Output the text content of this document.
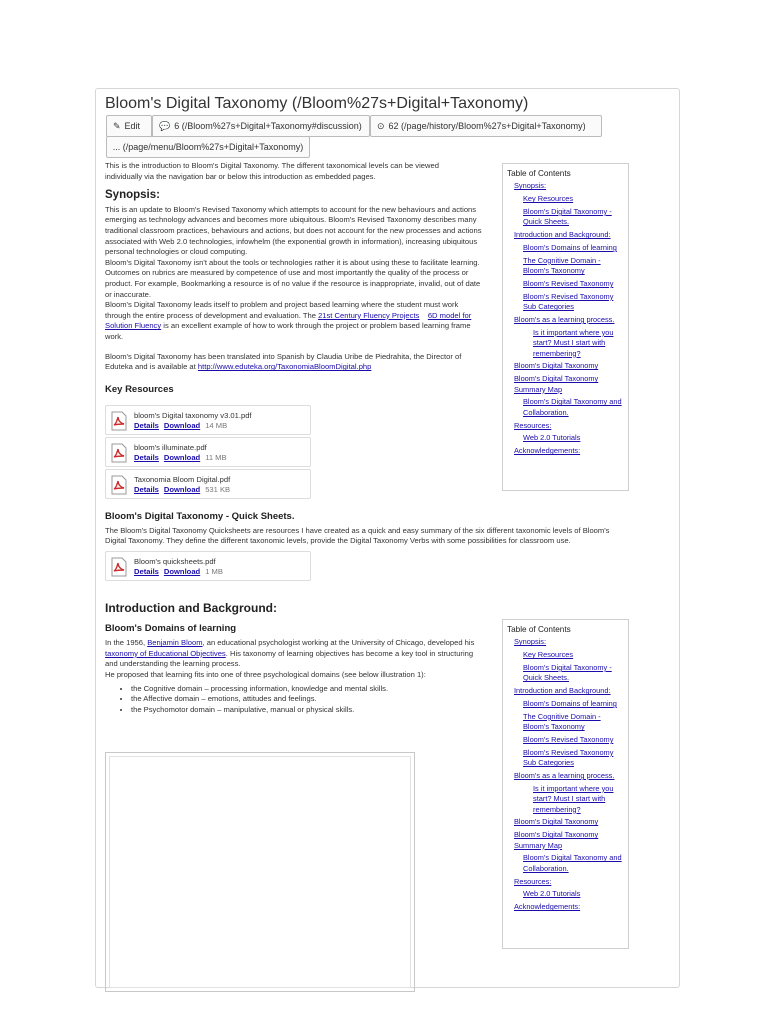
Bloom's Digital Taxonomy (/Bloom%27s+Digital+Taxonomy)
✎ Edit 💬 6 (/Bloom%27s+Digital+Taxonomy#discussion) ⊙ 62 (/page/history/Bloom%27s+Digital+Taxonomy)
... (/page/menu/Bloom%27s+Digital+Taxonomy)

This is the introduction to Bloom's Digital Taxonomy. The different taxonomical levels can be viewed individually via the navigation bar or below this introduction as embedded pages.

Synopsis:

This is an update to Bloom's Revised Taxonomy which attempts to account for the new behaviours and actions emerging as technology advances and becomes more ubiquitous. Bloom's Revised Taxonomy describes many traditional classroom practices, behaviours and actions, but does not account for the new processes and actions associated with Web 2.0 technologies, infowhelm (the exponential growth in information), increasing ubiquitous personal technologies or cloud computing.

Bloom's Digital Taxonomy isn't about the tools or technologies rather it is about using these to facilitate learning. Outcomes on rubrics are measured by competence of use and most importantly the quality of the process or product. For example, Bookmarking a resource is of no value if the resource is inappropriate, invalid, out of date or inaccurate.

Bloom's Digital Taxonomy leads itself to problem and project based learning where the student must work through the entire process of development and evaluation. The 21st Century Fluency Projects 6D model for Solution Fluency is an excellent example of how to work through the project or problem based learning frame work.

Bloom's Digital Taxonomy has been translated into Spanish by Claudia Uribe de Piedrahita, the Director of Eduteka and is available at http://www.eduteka.org/TaxonomiaBloomDigital.php

Key Resources
bloom's Digital taxonomy v3.01.pdf
Details Download 14 MB
bloom's illuminate.pdf
Details Download 11 MB
Taxonomia Bloom Digital.pdf
Details Download 531 KB
Bloom's Digital Taxonomy - Quick Sheets.

The Bloom's Digital Taxonomy Quicksheets are resources I have created as a quick and easy summary of the six different taxonomic levels of Bloom's Digital Taxonomy. They define the different taxonomic levels, provide the Digital Taxonomy Verbs with some possibilities for classroom use.

Bloom's quicksheets.pdf
Details Download 1 MB
Introduction and Background:
Bloom's Domains of learning

In the 1956, Benjamin Bloom, an educational psychologist working at the University of Chicago, developed his taxonomy of Educational Objectives. His taxonomy of learning objectives has become a key tool in structuring and understanding the learning process.

He proposed that learning fits into one of three psychological domains (see below illustration 1):

• the Cognitive domain – processing information, knowledge and mental skills.
• the Affective domain – emotions, attitudes and feelings.
• the Psychomotor domain – manipulative, manual or physical skills.
Table of Contents
Synopsis:
Key Resources
Bloom's Digital Taxonomy - Quick Sheets.
Introduction and Background:
Bloom's Domains of learning
The Cognitive Domain - Bloom's Taxonomy
Bloom's Revised Taxonomy
Bloom's Revised Taxonomy Sub Categories
Bloom's as a learning process.
Is it important where you start? Must I start with remembering?
Bloom's Digital Taxonomy
Bloom's Digital Taxonomy Summary Map
Bloom's Digital Taxonomy and Collaboration.
Resources:
Web 2.0 Tutorials
Acknowledgements:
Table of Contents
Synopsis:
Key Resources
Bloom's Digital Taxonomy - Quick Sheets.
Introduction and Background:
Bloom's Domains of learning
The Cognitive Domain - Bloom's Taxonomy
Bloom's Revised Taxonomy
Bloom's Revised Taxonomy Sub Categories
Bloom's as a learning process.
Is it important where you start? Must I start with remembering?
Bloom's Digital Taxonomy
Bloom's Digital Taxonomy Summary Map
Bloom's Digital Taxonomy and Collaboration.
Resources:
Web 2.0 Tutorials
Acknowledgements:
